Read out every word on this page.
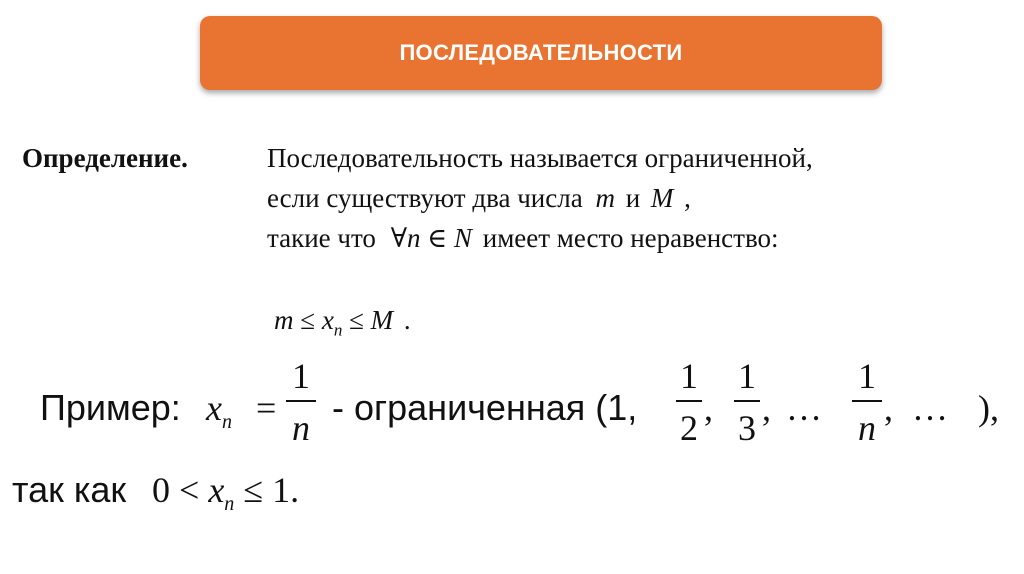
ПОСЛЕДОВАТЕЛЬНОСТИ
Определение.	Последовательность называется ограниченной,
если существуют два числа m и M ,
такие что ∀n ∈ N имеет место неравенство:
$m \le x_n \le M$ .
Пример: $x_n$ =
1
n - ограниченная (1,
1
2 ,
1
3 , …
1
n , … ),
так как $0 < x_n \le 1$.
